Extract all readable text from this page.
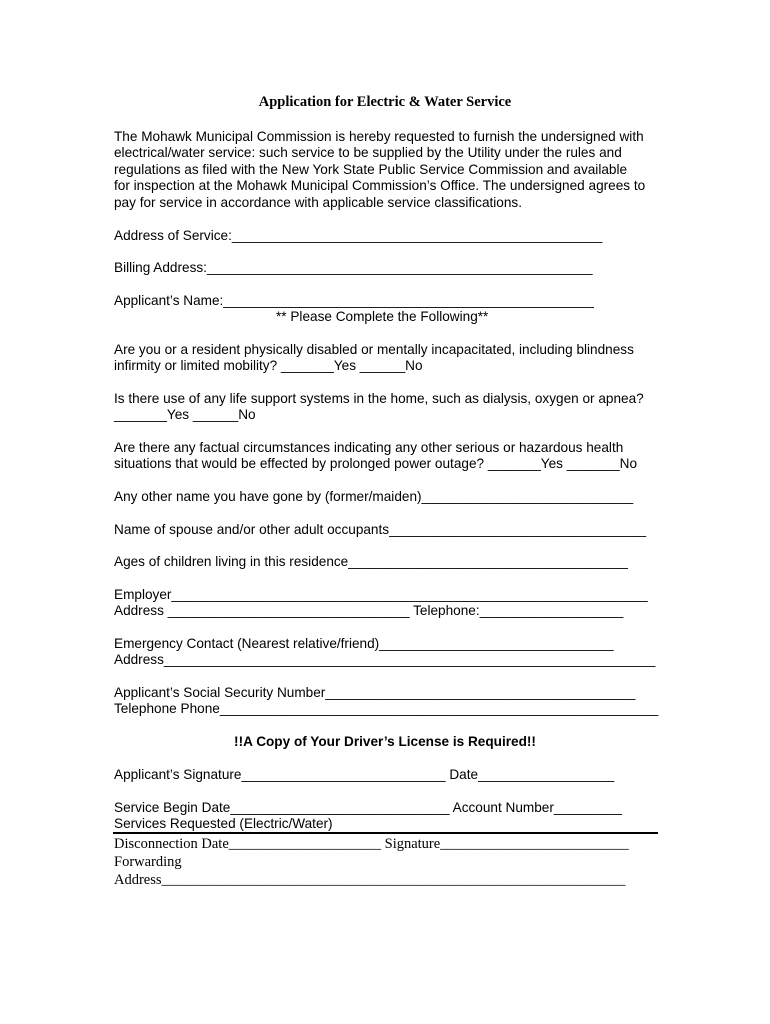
Application for Electric & Water Service
The Mohawk Municipal Commission is hereby requested to furnish the undersigned with
electrical/water service: such service to be supplied by the Utility under the rules and
regulations as filed with the New York State Public Service Commission and available
for inspection at the Mohawk Municipal Commission’s Office. The undersigned agrees to
pay for service in accordance with applicable service classifications.
Address of Service:_________________________________________________
Billing Address:___________________________________________________
Applicant’s Name:_________________________________________________
** Please Complete the Following**
Are you or a resident physically disabled or mentally incapacitated, including blindness
infirmity or limited mobility? _______Yes ______No
Is there use of any life support systems in the home, such as dialysis, oxygen or apnea?
_______Yes ______No
Are there any factual circumstances indicating any other serious or hazardous health
situations that would be effected by prolonged power outage? _______Yes _______No
Any other name you have gone by (former/maiden)____________________________
Name of spouse and/or other adult occupants__________________________________
Ages of children living in this residence_____________________________________
Employer_______________________________________________________________
Address ________________________________ Telephone:___________________
Emergency Contact (Nearest relative/friend)_______________________________
Address_________________________________________________________________
Applicant’s Social Security Number_________________________________________
Telephone Phone__________________________________________________________
!!A Copy of Your Driver’s License is Required!!
Applicant’s Signature___________________________ Date__________________
Service Begin Date_____________________________ Account Number_________
Services Requested (Electric/Water)
Disconnection Date_____________________ Signature__________________________
Forwarding
Address________________________________________________________________
